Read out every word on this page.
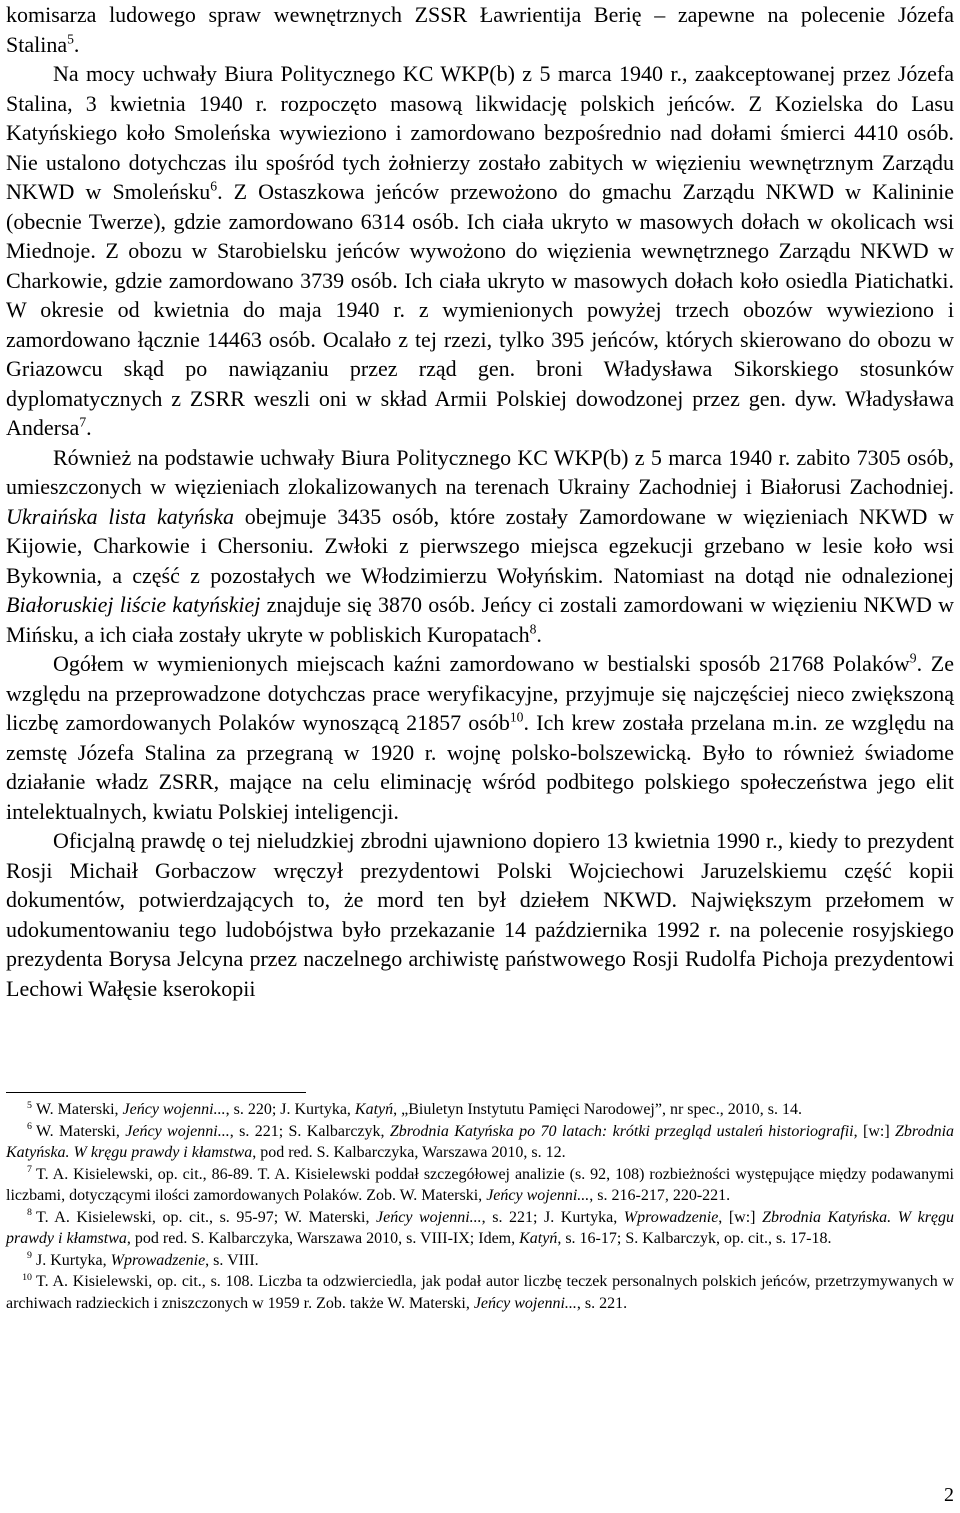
komisarza ludowego spraw wewnętrznych ZSSR Ławrientija Berię – zapewne na polecenie Józefa Stalina$^5$.

Na mocy uchwały Biura Politycznego KC WKP(b) z 5 marca 1940 r., zaakceptowanej przez Józefa Stalina, 3 kwietnia 1940 r. rozpoczęto masową likwidację polskich jeńców. Z Kozielska do Lasu Katyńskiego koło Smoleńska wywieziono i zamordowano bezpośrednio nad dołami śmierci 4410 osób. Nie ustalono dotychczas ilu spośród tych żołnierzy zostało zabitych w więzieniu wewnętrznym Zarządu NKWD w Smoleńsku$^6$. Z Ostaszkowa jeńców przewożono do gmachu Zarządu NKWD w Kalininie (obecnie Twerze), gdzie zamordowano 6314 osób. Ich ciała ukryto w masowych dołach w okolicach wsi Miednoje. Z obozu w Starobielsku jeńców wywożono do więzienia wewnętrznego Zarządu NKWD w Charkowie, gdzie zamordowano 3739 osób. Ich ciała ukryto w masowych dołach koło osiedla Piatichatki. W okresie od kwietnia do maja 1940 r. z wymienionych powyżej trzech obozów wywieziono i zamordowano łącznie 14463 osób. Ocalało z tej rzezi, tylko 395 jeńców, których skierowano do obozu w Griazowcu skąd po nawiązaniu przez rząd gen. broni Władysława Sikorskiego stosunków dyplomatycznych z ZSRR weszli oni w skład Armii Polskiej dowodzonej przez gen. dyw. Władysława Andersa$^7$.

Również na podstawie uchwały Biura Politycznego KC WKP(b) z 5 marca 1940 r. zabito 7305 osób, umieszczonych w więzieniach zlokalizowanych na terenach Ukrainy Zachodniej i Białorusi Zachodniej. Ukraińska lista katyńska obejmuje 3435 osób, które zostały Zamordowane w więzieniach NKWD w Kijowie, Charkowie i Chersoniu. Zwłoki z pierwszego miejsca egzekucji grzebano w lesie koło wsi Bykownia, a część z pozostałych we Włodzimierzu Wołyńskim. Natomiast na dotąd nie odnalezionej Białoruskiej liście katyńskiej znajduje się 3870 osób. Jeńcy ci zostali zamordowani w więzieniu NKWD w Mińsku, a ich ciała zostały ukryte w pobliskich Kuropatach$^8$.

Ogółem w wymienionych miejscach kaźni zamordowano w bestialski sposób 21768 Polaków$^9$. Ze względu na przeprowadzone dotychczas prace weryfikacyjne, przyjmuje się najczęściej nieco zwiększoną liczbę zamordowanych Polaków wynoszącą 21857 osób$^{10}$. Ich krew została przelana m.in. ze względu na zemstę Józefa Stalina za przegraną w 1920 r. wojnę polsko-bolszewicką. Było to również świadome działanie władz ZSRR, mające na celu eliminację wśród podbitego polskiego społeczeństwa jego elit intelektualnych, kwiatu Polskiej inteligencji.

Oficjalną prawdę o tej nieludzkiej zbrodni ujawniono dopiero 13 kwietnia 1990 r., kiedy to prezydent Rosji Michaił Gorbaczow wręczył prezydentowi Polski Wojciechowi Jaruzelskiemu część kopii dokumentów, potwierdzających to, że mord ten był dziełem NKWD. Największym przełomem w udokumentowaniu tego ludobójstwa było przekazanie 14 października 1992 r. na polecenie rosyjskiego prezydenta Borysa Jelcyna przez naczelnego archiwistę państwowego Rosji Rudolfa Pichoja prezydentowi Lechowi Wałęsie kserokopii

$^5$ W. Materski, Jeńcy wojenni..., s. 220; J. Kurtyka, Katyń, „Biuletyn Instytutu Pamięci Narodowej”, nr spec., 2010, s. 14.

$^6$ W. Materski, Jeńcy wojenni..., s. 221; S. Kalbarczyk, Zbrodnia Katyńska po 70 latach: krótki przegląd ustaleń historiografii, [w:] Zbrodnia Katyńska. W kręgu prawdy i kłamstwa, pod red. S. Kalbarczyka, Warszawa 2010, s. 12.

$^7$ T. A. Kisielewski, op. cit., 86-89. T. A. Kisielewski poddał szczegółowej analizie (s. 92, 108) rozbieżności występujące między podawanymi liczbami, dotyczącymi ilości zamordowanych Polaków. Zob. W. Materski, Jeńcy wojenni..., s. 216-217, 220-221.

$^8$ T. A. Kisielewski, op. cit., s. 95-97; W. Materski, Jeńcy wojenni..., s. 221; J. Kurtyka, Wprowadzenie, [w:] Zbrodnia Katyńska. W kręgu prawdy i kłamstwa, pod red. S. Kalbarczyka, Warszawa 2010, s. VIII-IX; Idem, Katyń, s. 16-17; S. Kalbarczyk, op. cit., s. 17-18.

$^9$ J. Kurtyka, Wprowadzenie, s. VIII.

$^{10}$ T. A. Kisielewski, op. cit., s. 108. Liczba ta odzwierciedla, jak podał autor liczbę teczek personalnych polskich jeńców, przetrzymywanych w archiwach radzieckich i zniszczonych w 1959 r. Zob. także W. Materski, Jeńcy wojenni..., s. 221.

2
